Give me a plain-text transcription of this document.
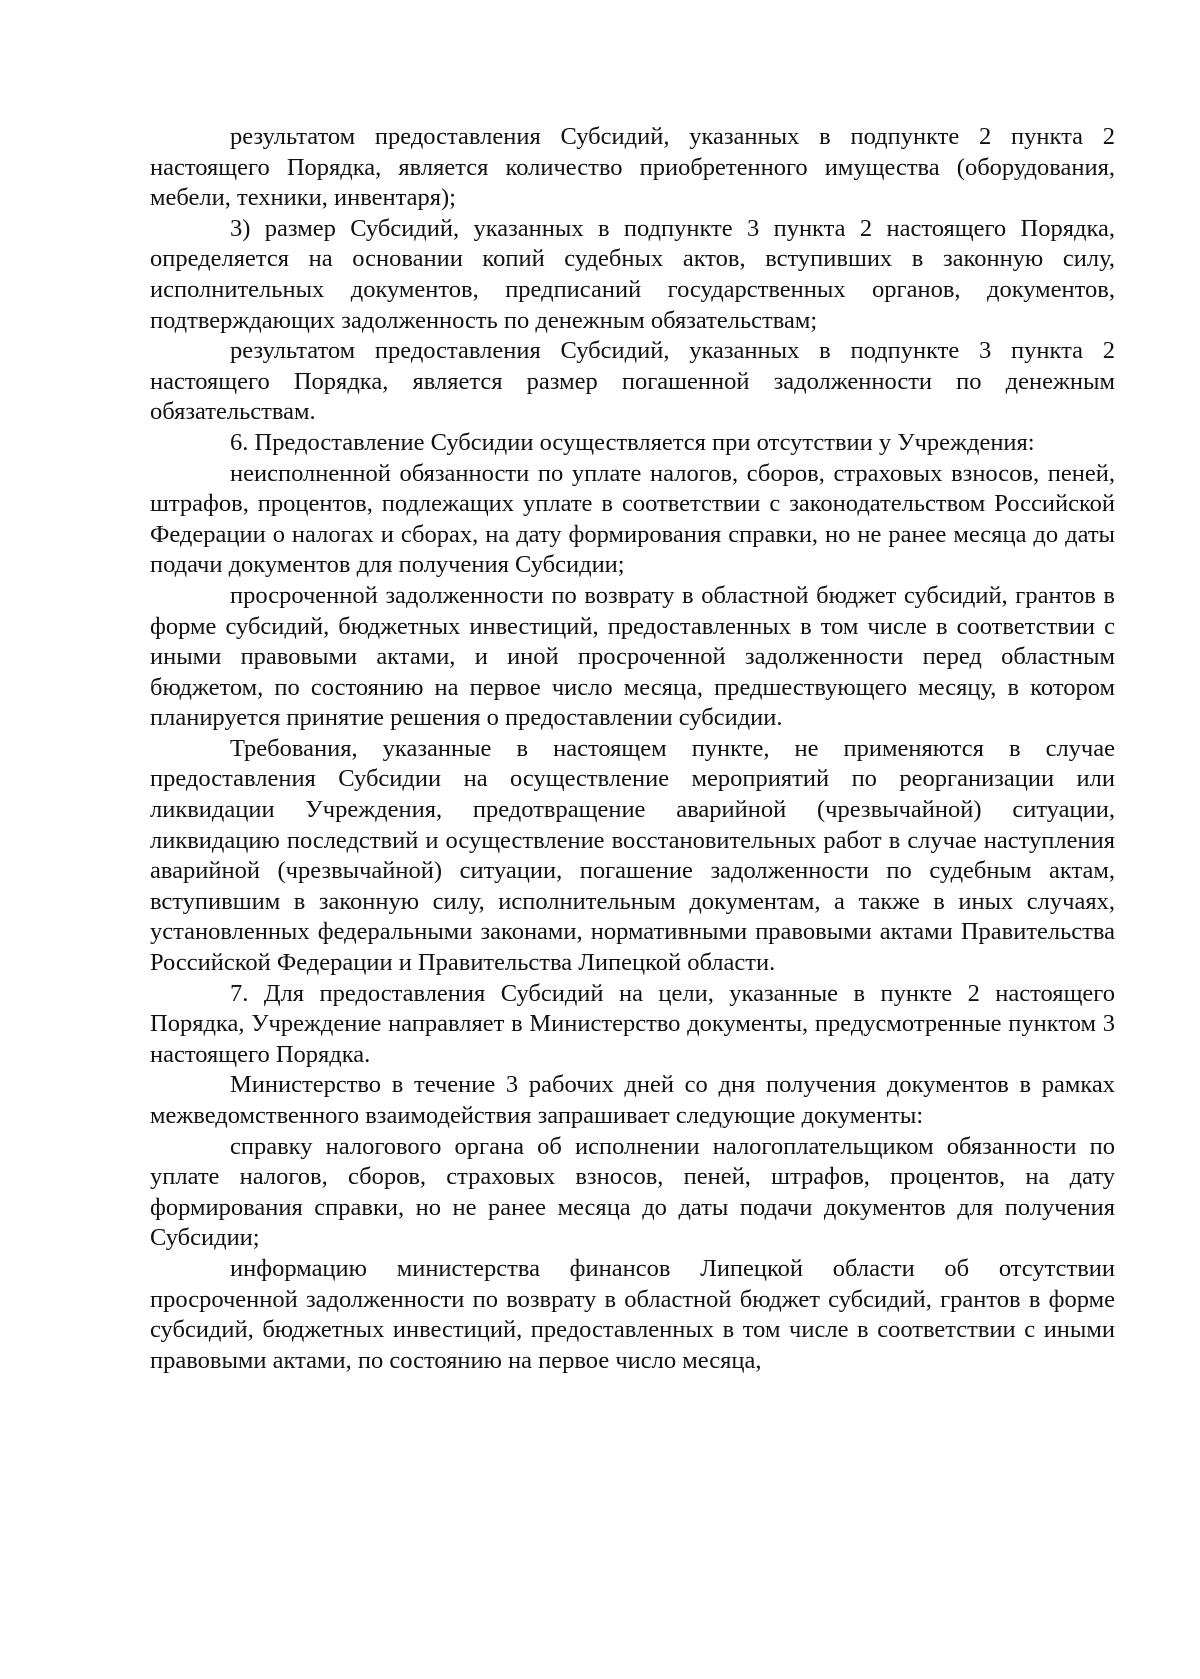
результатом предоставления Субсидий, указанных в подпункте 2 пункта 2 настоящего Порядка, является количество приобретенного имущества (оборудования, мебели, техники, инвентаря);

3) размер Субсидий, указанных в подпункте 3 пункта 2 настоящего Порядка, определяется на основании копий судебных актов, вступивших в законную силу, исполнительных документов, предписаний государственных органов, документов, подтверждающих задолженность по денежным обязательствам;

результатом предоставления Субсидий, указанных в подпункте 3 пункта 2 настоящего Порядка, является размер погашенной задолженности по денежным обязательствам.

6. Предоставление Субсидии осуществляется при отсутствии у Учреждения:

неисполненной обязанности по уплате налогов, сборов, страховых взносов, пеней, штрафов, процентов, подлежащих уплате в соответствии с законодательством Российской Федерации о налогах и сборах, на дату формирования справки, но не ранее месяца до даты подачи документов для получения Субсидии;

просроченной задолженности по возврату в областной бюджет субсидий, грантов в форме субсидий, бюджетных инвестиций, предоставленных в том числе в соответствии с иными правовыми актами, и иной просроченной задолженности перед областным бюджетом, по состоянию на первое число месяца, предшествующего месяцу, в котором планируется принятие решения о предоставлении субсидии.

Требования, указанные в настоящем пункте, не применяются в случае предоставления Субсидии на осуществление мероприятий по реорганизации или ликвидации Учреждения, предотвращение аварийной (чрезвычайной) ситуации, ликвидацию последствий и осуществление восстановительных работ в случае наступления аварийной (чрезвычайной) ситуации, погашение задолженности по судебным актам, вступившим в законную силу, исполнительным документам, а также в иных случаях, установленных федеральными законами, нормативными правовыми актами Правительства Российской Федерации и Правительства Липецкой области.

7. Для предоставления Субсидий на цели, указанные в пункте 2 настоящего Порядка, Учреждение направляет в Министерство документы, предусмотренные пунктом 3 настоящего Порядка.

Министерство в течение 3 рабочих дней со дня получения документов в рамках межведомственного взаимодействия запрашивает следующие документы:

справку налогового органа об исполнении налогоплательщиком обязанности по уплате налогов, сборов, страховых взносов, пеней, штрафов, процентов, на дату формирования справки, но не ранее месяца до даты подачи документов для получения Субсидии;

информацию министерства финансов Липецкой области об отсутствии просроченной задолженности по возврату в областной бюджет субсидий, грантов в форме субсидий, бюджетных инвестиций, предоставленных в том числе в соответствии с иными правовыми актами, по состоянию на первое число месяца,
